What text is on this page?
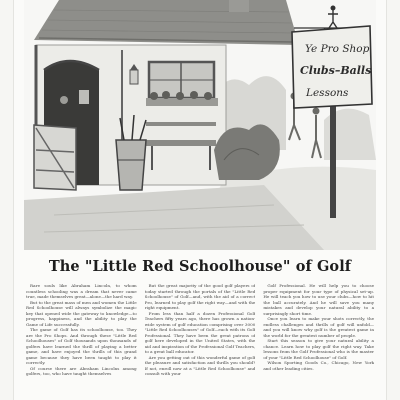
Ye Pro Shop
Clubs–Balls
Lessons
The "Little Red Schoolhouse" of Golf

Rare souls like Abraham Lincoln, to whom countless schooling was a dream that never came true, made themselves great—alone—the hard way.

But to the great mass of men and women the Little Red Schoolhouse will always symbolize the magic key that opened wide the gateway to knowledge—to progress, happiness, and the ability to play the Game of Life successfully.

The game of Golf has its schoolhouse, too. They are the Pro Shops. And through these "Little Red Schoolhouses" of Golf thousands upon thousands of golfers have learned the thrill of playing a better game, and have enjoyed the thrills of this grand game because they have been taught to play it correctly.

Of course there are Abraham Lincolns among golfers, too, who have taught themselves

But the great majority of the good golf players of today started through the portals of the "Little Red Schoolhouse" of Golf—and, with the aid of a correct Pro, learned to play golf the right way—and with the right equipment.

From less than half a dozen Professional Golf Teachers fifty years ago, there has grown a nation-wide system of golf education comprising over 3000 "Little Red Schoolhouses" of Golf—each with its Golf Professional. They have been the great patrons of golf here developed in the United States, with the aid and inspiration of the Professional Golf Teachers, to a great ball educator.

Are you getting out of this wonderful game of golf the pleasure and satisfaction and thrills you should? If not, enroll now at a "Little Red Schoolhouse" and consult with your

Golf Professional. He will help you to choose proper equipment for your type of physical set-up. He will teach you how to use your clubs—how to hit the ball accurately. And he will save you many mistakes and develop your natural ability to a surprisingly short time.

Once you learn to make your shots correctly, the endless challenges and thrills of golf will unfold—and you will know why golf is the greatest game in the world for the greatest number of people.

Start this season to give your natural ability a chance. Learn how to play golf the right way. Take lessons from the Golf Professional who is the master of your "Little Red Schoolhouse" of Golf.

Wilson Sporting Goods Co., Chicago, New York and other leading cities.
